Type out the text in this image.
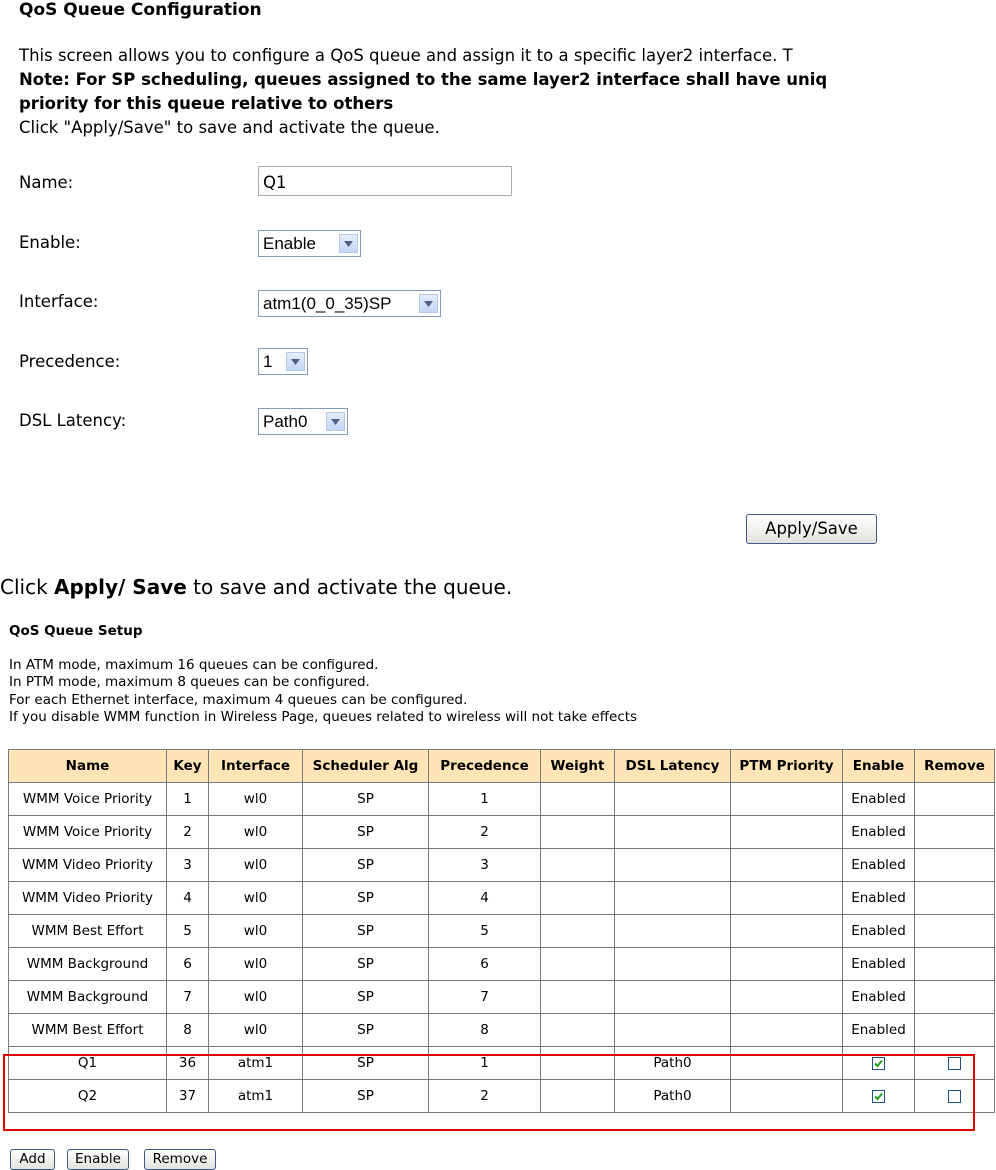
QoS Queue Configuration
This screen allows you to configure a QoS queue and assign it to a specific layer2 interface. T
Note: For SP scheduling, queues assigned to the same layer2 interface shall have uniq
priority for this queue relative to others
Click "Apply/Save" to save and activate the queue.
Name:	Q1
Enable:	Enable
Interface:	atm1(0_0_35)SP
Precedence:	1
DSL Latency:	Path0
Apply/Save
Click Apply/ Save to save and activate the queue.
QoS Queue Setup
In ATM mode, maximum 16 queues can be configured.
In PTM mode, maximum 8 queues can be configured.
For each Ethernet interface, maximum 4 queues can be configured.
If you disable WMM function in Wireless Page, queues related to wireless will not take effects
Name	Key	Interface	Scheduler Alg	Precedence	Weight	DSL Latency	PTM Priority	Enable	Remove
WMM Voice Priority	1	wl0	SP	1				Enabled	
WMM Voice Priority	2	wl0	SP	2				Enabled	
WMM Video Priority	3	wl0	SP	3				Enabled	
WMM Video Priority	4	wl0	SP	4				Enabled	
WMM Best Effort	5	wl0	SP	5				Enabled	
WMM Background	6	wl0	SP	6				Enabled	
WMM Background	7	wl0	SP	7				Enabled	
WMM Best Effort	8	wl0	SP	8				Enabled	
Q1	36	atm1	SP	1		Path0		

Q2	37	atm1	SP	2		Path0		

Add	Enable	Remove
